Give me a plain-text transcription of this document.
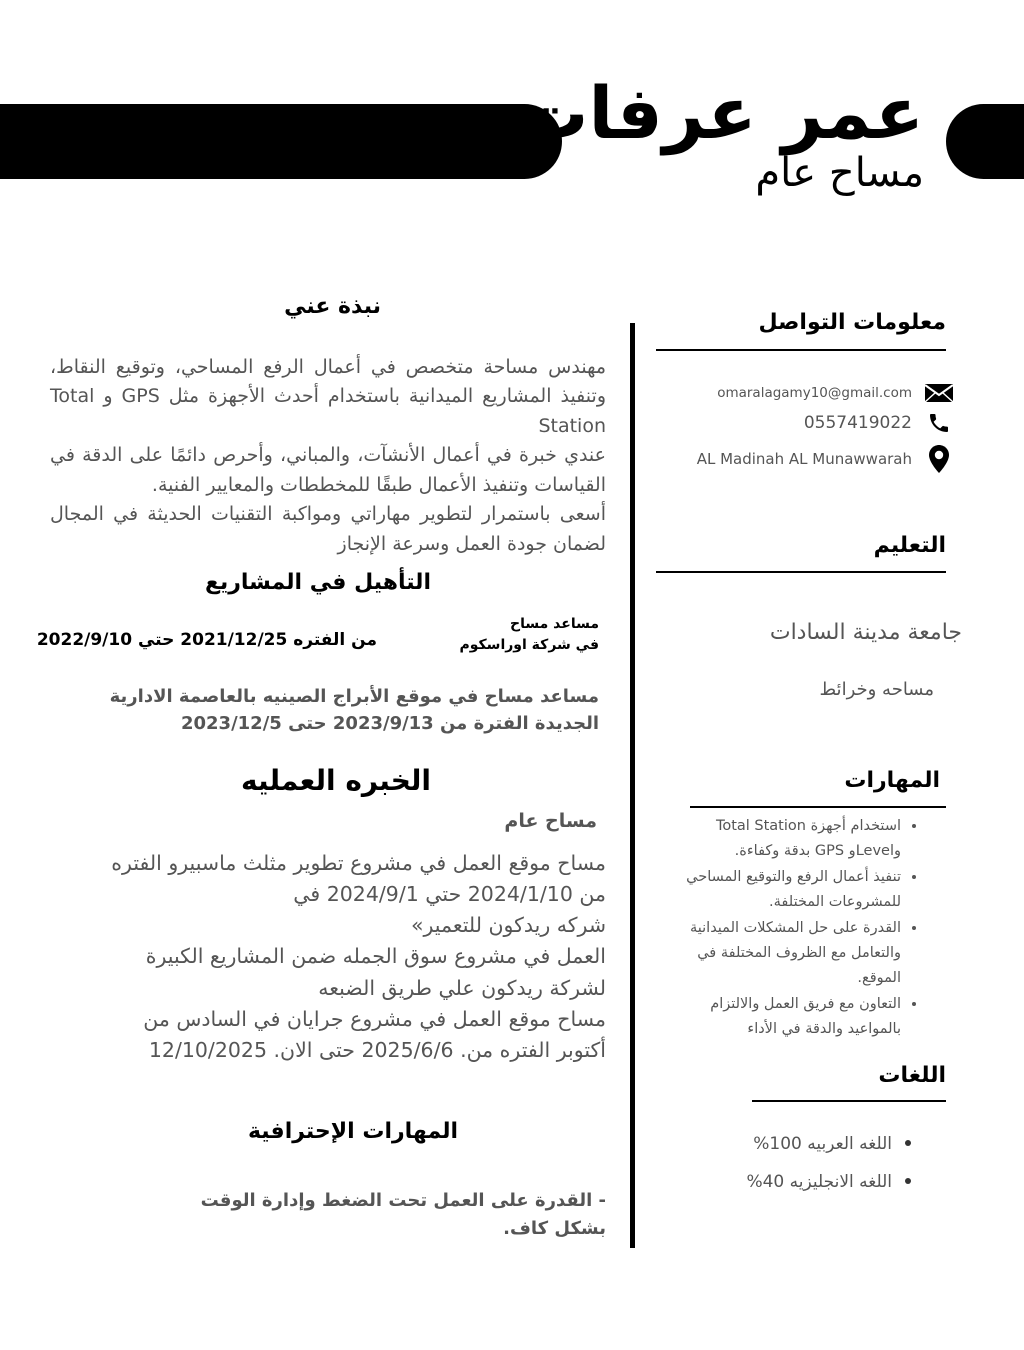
عمر عرفات
مساح عام
معلومات التواصل
omaralagamy10@gmail.com
0557419022
AL Madinah AL Munawwarah
التعليم
جامعة مدينة السادات
مساحه وخرائط
المهارات
• استخدام أجهزة Total Station وLevelو GPS بدقة وكفاءة.
• تنفيذ أعمال الرفع والتوقيع المساحي للمشروعات المختلفة.
• القدرة على حل المشكلات الميدانية والتعامل مع الظروف المختلفة في الموقع.
• التعاون مع فريق العمل والالتزام بالمواعيد والدقة في الأداء
اللغات
• اللغه العربيه 100%
• اللغه الانجليزيه 40%
نبذة عني

مهندس مساحة متخصص في أعمال الرفع المساحي، وتوقيع النقاط، وتنفيذ المشاريع الميدانية باستخدام أحدث الأجهزة مثل GPS و Total Station

عندي خبرة في أعمال الأنشآت، والمباني، وأحرص دائمًا على الدقة في القياسات وتنفيذ الأعمال طبقًا للمخططات والمعايير الفنية.

أسعى باستمرار لتطوير مهاراتي ومواكبة التقنيات الحديثة في المجال لضمان جودة العمل وسرعة الإنجاز

التأهيل في المشاريع
مساعد مساح
في شركة اوراسكوم
من الفتره 2021/12/25 حتي 2022/9/10
مساعد مساح في موقع الأبراج الصينيه بالعاصمة الادارية
الجديدة الفترة من 2023/9/13 حتى 2023/12/5
الخبره العمليه
مساح عام
مساح موقع العمل في مشروع تطوير مثلث ماسبيرو الفتره
من 2024/1/10 حتي 2024/9/1 في
شركه ريدكون للتعمير»
العمل في مشروع سوق الجمله ضمن المشاريع الكبيرة
لشركة ريدكون علي طريق الضبعه
مساح موقع العمل في مشروع جرايان في السادس من
أكتوبر الفتره من. 2025/6/6 حتى الان. 12/10/2025
المهارات الإحترافية
- القدرة على العمل تحت الضغط وإدارة الوقت
بشكل كاف.
